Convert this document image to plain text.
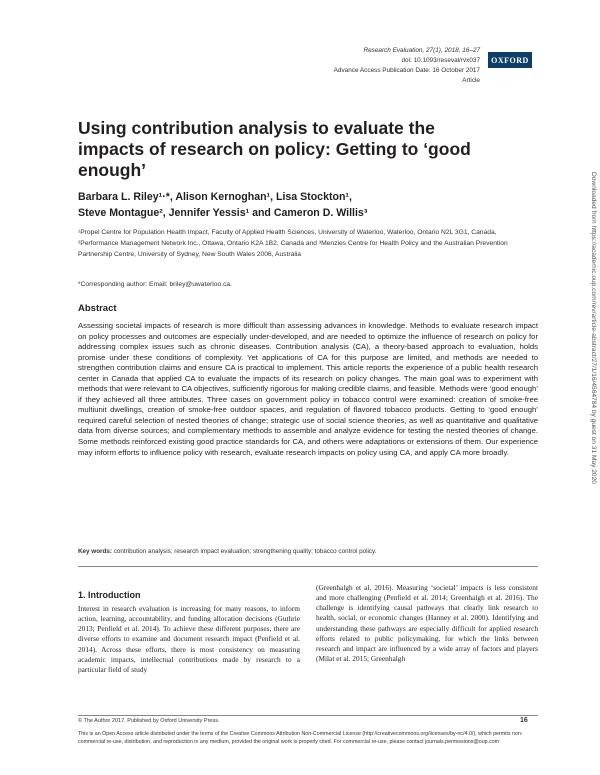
Research Evaluation, 27(1), 2018, 16–27
doi: 10.1093/reseval/rvx037
Advance Access Publication Date: 16 October 2017
Article
OXFORD
Using contribution analysis to evaluate the impacts of research on policy: Getting to ‘good enough’
Barbara L. Riley¹·*, Alison Kernoghan¹, Lisa Stockton¹,
Steve Montague², Jennifer Yessis¹ and Cameron D. Willis³
¹Propel Centre for Population Health Impact, Faculty of Applied Health Sciences, University of Waterloo, Waterloo, Ontario N2L 3G1, Canada, ²Performance Management Network Inc., Ottawa, Ontario K2A 1B2, Canada and ³Menzies Centre for Health Policy and the Australian Prevention Partnership Centre, University of Sydney, New South Wales 2006, Australia
*Corresponding author: Email: briley@uwaterloo.ca.
Abstract
Assessing societal impacts of research is more difficult than assessing advances in knowledge. Methods to evaluate research impact on policy processes and outcomes are especially under-developed, and are needed to optimize the influence of research on policy for addressing complex issues such as chronic diseases. Contribution analysis (CA), a theory-based approach to evaluation, holds promise under these conditions of complexity. Yet applications of CA for this purpose are limited, and methods are needed to strengthen contribution claims and ensure CA is practical to implement. This article reports the experience of a public health research center in Canada that applied CA to evaluate the impacts of its research on policy changes. The main goal was to experiment with methods that were relevant to CA objectives, sufficiently rigorous for making credible claims, and feasible. Methods were ‘good enough’ if they achieved all three attributes. Three cases on government policy in tobacco control were examined: creation of smoke-free multiunit dwellings, creation of smoke-free outdoor spaces, and regulation of flavored tobacco products. Getting to ‘good enough’ required careful selection of nested theories of change; strategic use of social science theories, as well as quantitative and qualitative data from diverse sources; and complementary methods to assemble and analyze evidence for testing the nested theories of change. Some methods reinforced existing good practice standards for CA, and others were adaptations or extensions of them. Our experience may inform efforts to influence policy with research, evaluate research impacts on policy using CA, and apply CA more broadly.
Key words: contribution analysis; research impact evaluation; strengthening quality; tobacco control policy.
1. Introduction

Interest in research evaluation is increasing for many reasons, to inform action, learning, accountability, and funding allocation decisions (Guthrie 2013; Penfield et al. 2014). To achieve these different purposes, there are diverse efforts to examine and document research impact (Penfield et al. 2014). Across these efforts, there is most consistency on measuring academic impacts, intellectual contributions made by research to a particular field of study

(Greenhalgh et al. 2016). Measuring ‘societal’ impacts is less consistent and more challenging (Penfield et al. 2014; Greenhalgh et al. 2016). The challenge is identifying causal pathways that clearly link research to health, social, or economic changes (Hanney et al. 2000). Identifying and understanding these pathways are especially difficult for applied research efforts related to public policymaking, for which the links between research and impact are influenced by a wide array of factors and players (Milat et al. 2015; Greenhalgh

© The Author 2017. Published by Oxford University Press.	16
This is an Open Access article distributed under the terms of the Creative Commons Attribution Non-Commercial License (http://creativecommons.org/licenses/by-nc/4.0/), which permits non-commercial re-use, distribution, and reproduction in any medium, provided the original work is properly cited. For commercial re-use, please contact journals.permissions@oup.com
Downloaded from https://academic.oup.com/rev/article-abstract/27/1/16/4564784 by guest on 31 May 2020
